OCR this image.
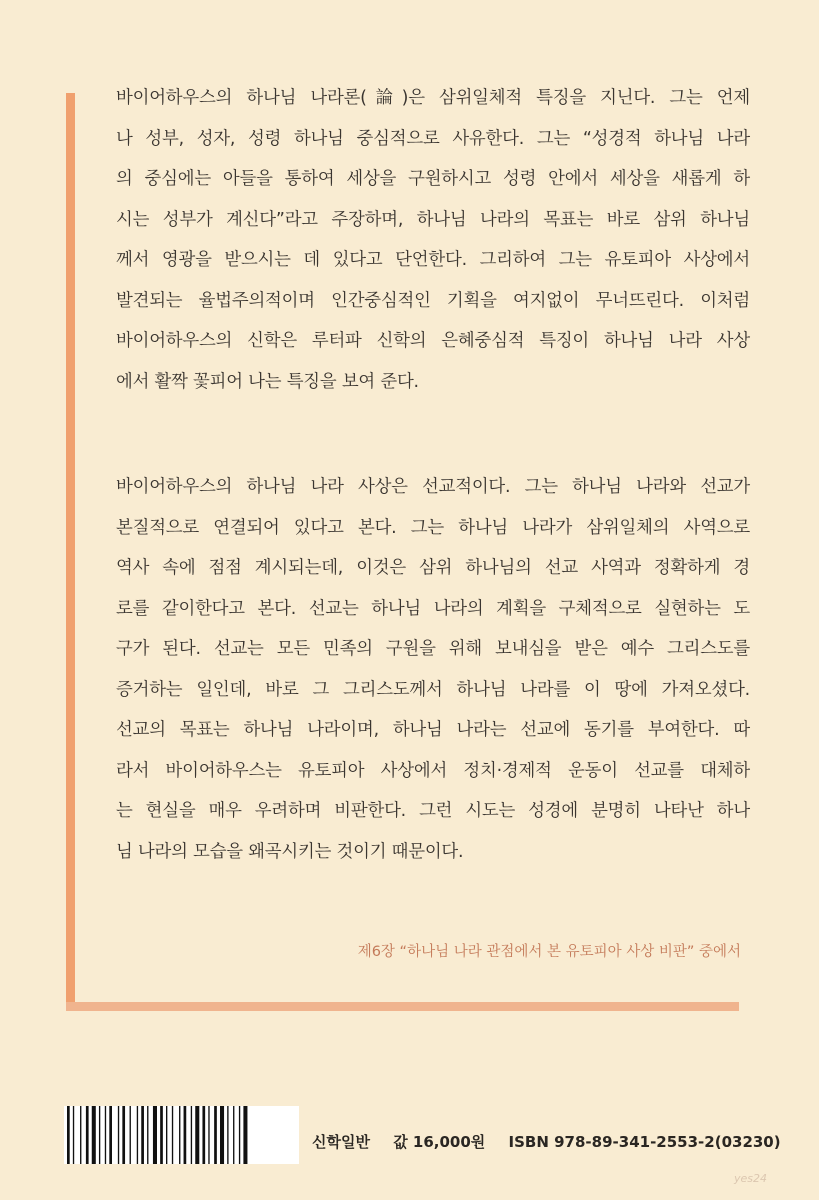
바이어하우스의 하나님 나라론(論)은 삼위일체적 특징을 지닌다. 그는 언제
나 성부, 성자, 성령 하나님 중심적으로 사유한다. 그는 “성경적 하나님 나라
의 중심에는 아들을 통하여 세상을 구원하시고 성령 안에서 세상을 새롭게 하
시는 성부가 계신다”라고 주장하며, 하나님 나라의 목표는 바로 삼위 하나님
께서 영광을 받으시는 데 있다고 단언한다. 그리하여 그는 유토피아 사상에서
발견되는 율법주의적이며 인간중심적인 기획을 여지없이 무너뜨린다. 이처럼
바이어하우스의 신학은 루터파 신학의 은혜중심적 특징이 하나님 나라 사상
에서 활짝 꽃피어 나는 특징을 보여 준다.
바이어하우스의 하나님 나라 사상은 선교적이다. 그는 하나님 나라와 선교가
본질적으로 연결되어 있다고 본다. 그는 하나님 나라가 삼위일체의 사역으로
역사 속에 점점 계시되는데, 이것은 삼위 하나님의 선교 사역과 정확하게 경
로를 같이한다고 본다. 선교는 하나님 나라의 계획을 구체적으로 실현하는 도
구가 된다. 선교는 모든 민족의 구원을 위해 보내심을 받은 예수 그리스도를
증거하는 일인데, 바로 그 그리스도께서 하나님 나라를 이 땅에 가져오셨다.
선교의 목표는 하나님 나라이며, 하나님 나라는 선교에 동기를 부여한다. 따
라서 바이어하우스는 유토피아 사상에서 정치·경제적 운동이 선교를 대체하
는 현실을 매우 우려하며 비판한다. 그런 시도는 성경에 분명히 나타난 하나
님 나라의 모습을 왜곡시키는 것이기 때문이다.
제6장 “하나님 나라 관점에서 본 유토피아 사상 비판” 중에서
신학일반 값 16,000원 ISBN 978-89-341-2553-2(03230)
yes24
